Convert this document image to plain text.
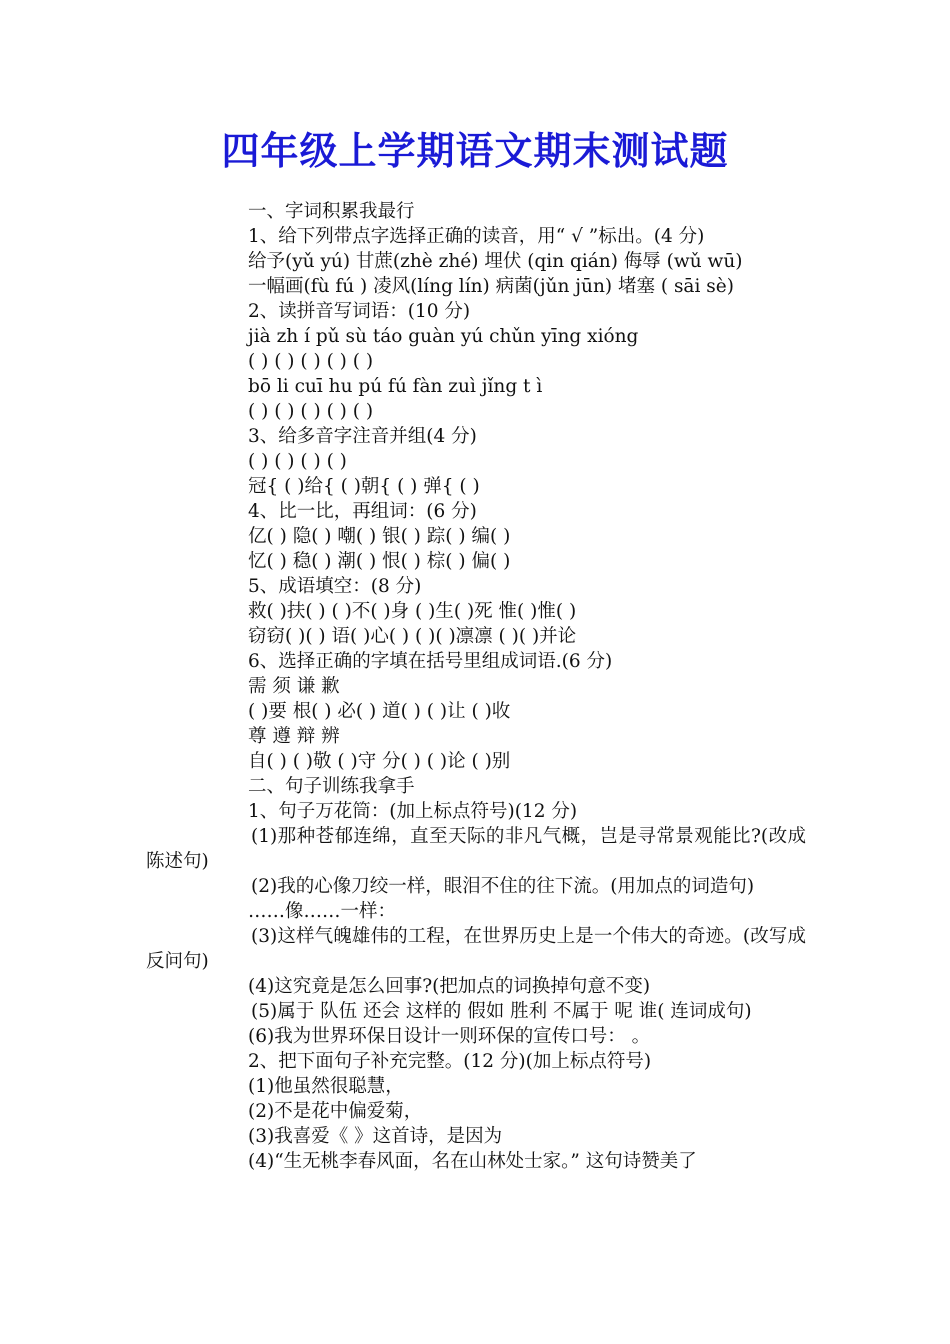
四年级上学期语文期末测试题

一、字词积累我最行

1、给下列带点字选择正确的读音，用“ √ ”标出。(4 分)

给予(yǔ yú) 甘蔗(zhè zhé) 埋伏 (qin qián) 侮辱 (wǔ wū)

一幅画(fù fú ) 凌风(líng lín) 病菌(jǔn jūn) 堵塞 ( sāi sè)

2、读拼音写词语：(10 分)

jià zh í pǔ sù táo guàn yú chǔn yīng xióng

( ) ( ) ( ) ( ) ( )

bō li cuī hu pú fú fàn zuì jǐng t ì

( ) ( ) ( ) ( ) ( )

3、给多音字注音并组(4 分)

( ) ( ) ( ) ( )

冠{ ( )给{ ( )朝{ ( ) 弹{ ( )

4、比一比，再组词：(6 分)

亿( ) 隐( ) 嘲( ) 银( ) 踪( ) 编( )

忆( ) 稳( ) 潮( ) 恨( ) 棕( ) 偏( )

5、成语填空：(8 分)

救( )扶( ) ( )不( )身 ( )生( )死 惟( )惟( )

窃窃( )( ) 语( )心( ) ( )( )凛凛 ( )( )并论

6、选择正确的字填在括号里组成词语.(6 分)

需 须 谦 歉

( )要 根( ) 必( ) 道( ) ( )让 ( )收

尊 遵 辩 辨

自( ) ( )敬 ( )守 分( ) ( )论 ( )别

二、句子训练我拿手

1、句子万花筒：(加上标点符号)(12 分)

(1)那种苍郁连绵，直至天际的非凡气概，岂是寻常景观能比?(改成陈述句)

(2)我的心像刀绞一样，眼泪不住的往下流。(用加点的词造句)

……像……一样：

(3)这样气魄雄伟的工程，在世界历史上是一个伟大的奇迹。(改写成反问句)

(4)这究竟是怎么回事?(把加点的词换掉句意不变)

(5)属于 队伍 还会 这样的 假如 胜利 不属于 呢 谁( 连词成句)

(6)我为世界环保日设计一则环保的宣传口号： 。

2、把下面句子补充完整。(12 分)(加上标点符号)

(1)他虽然很聪慧，

(2)不是花中偏爱菊，

(3)我喜爱《 》这首诗，是因为

(4)“生无桃李春风面，名在山林处士家。” 这句诗赞美了
